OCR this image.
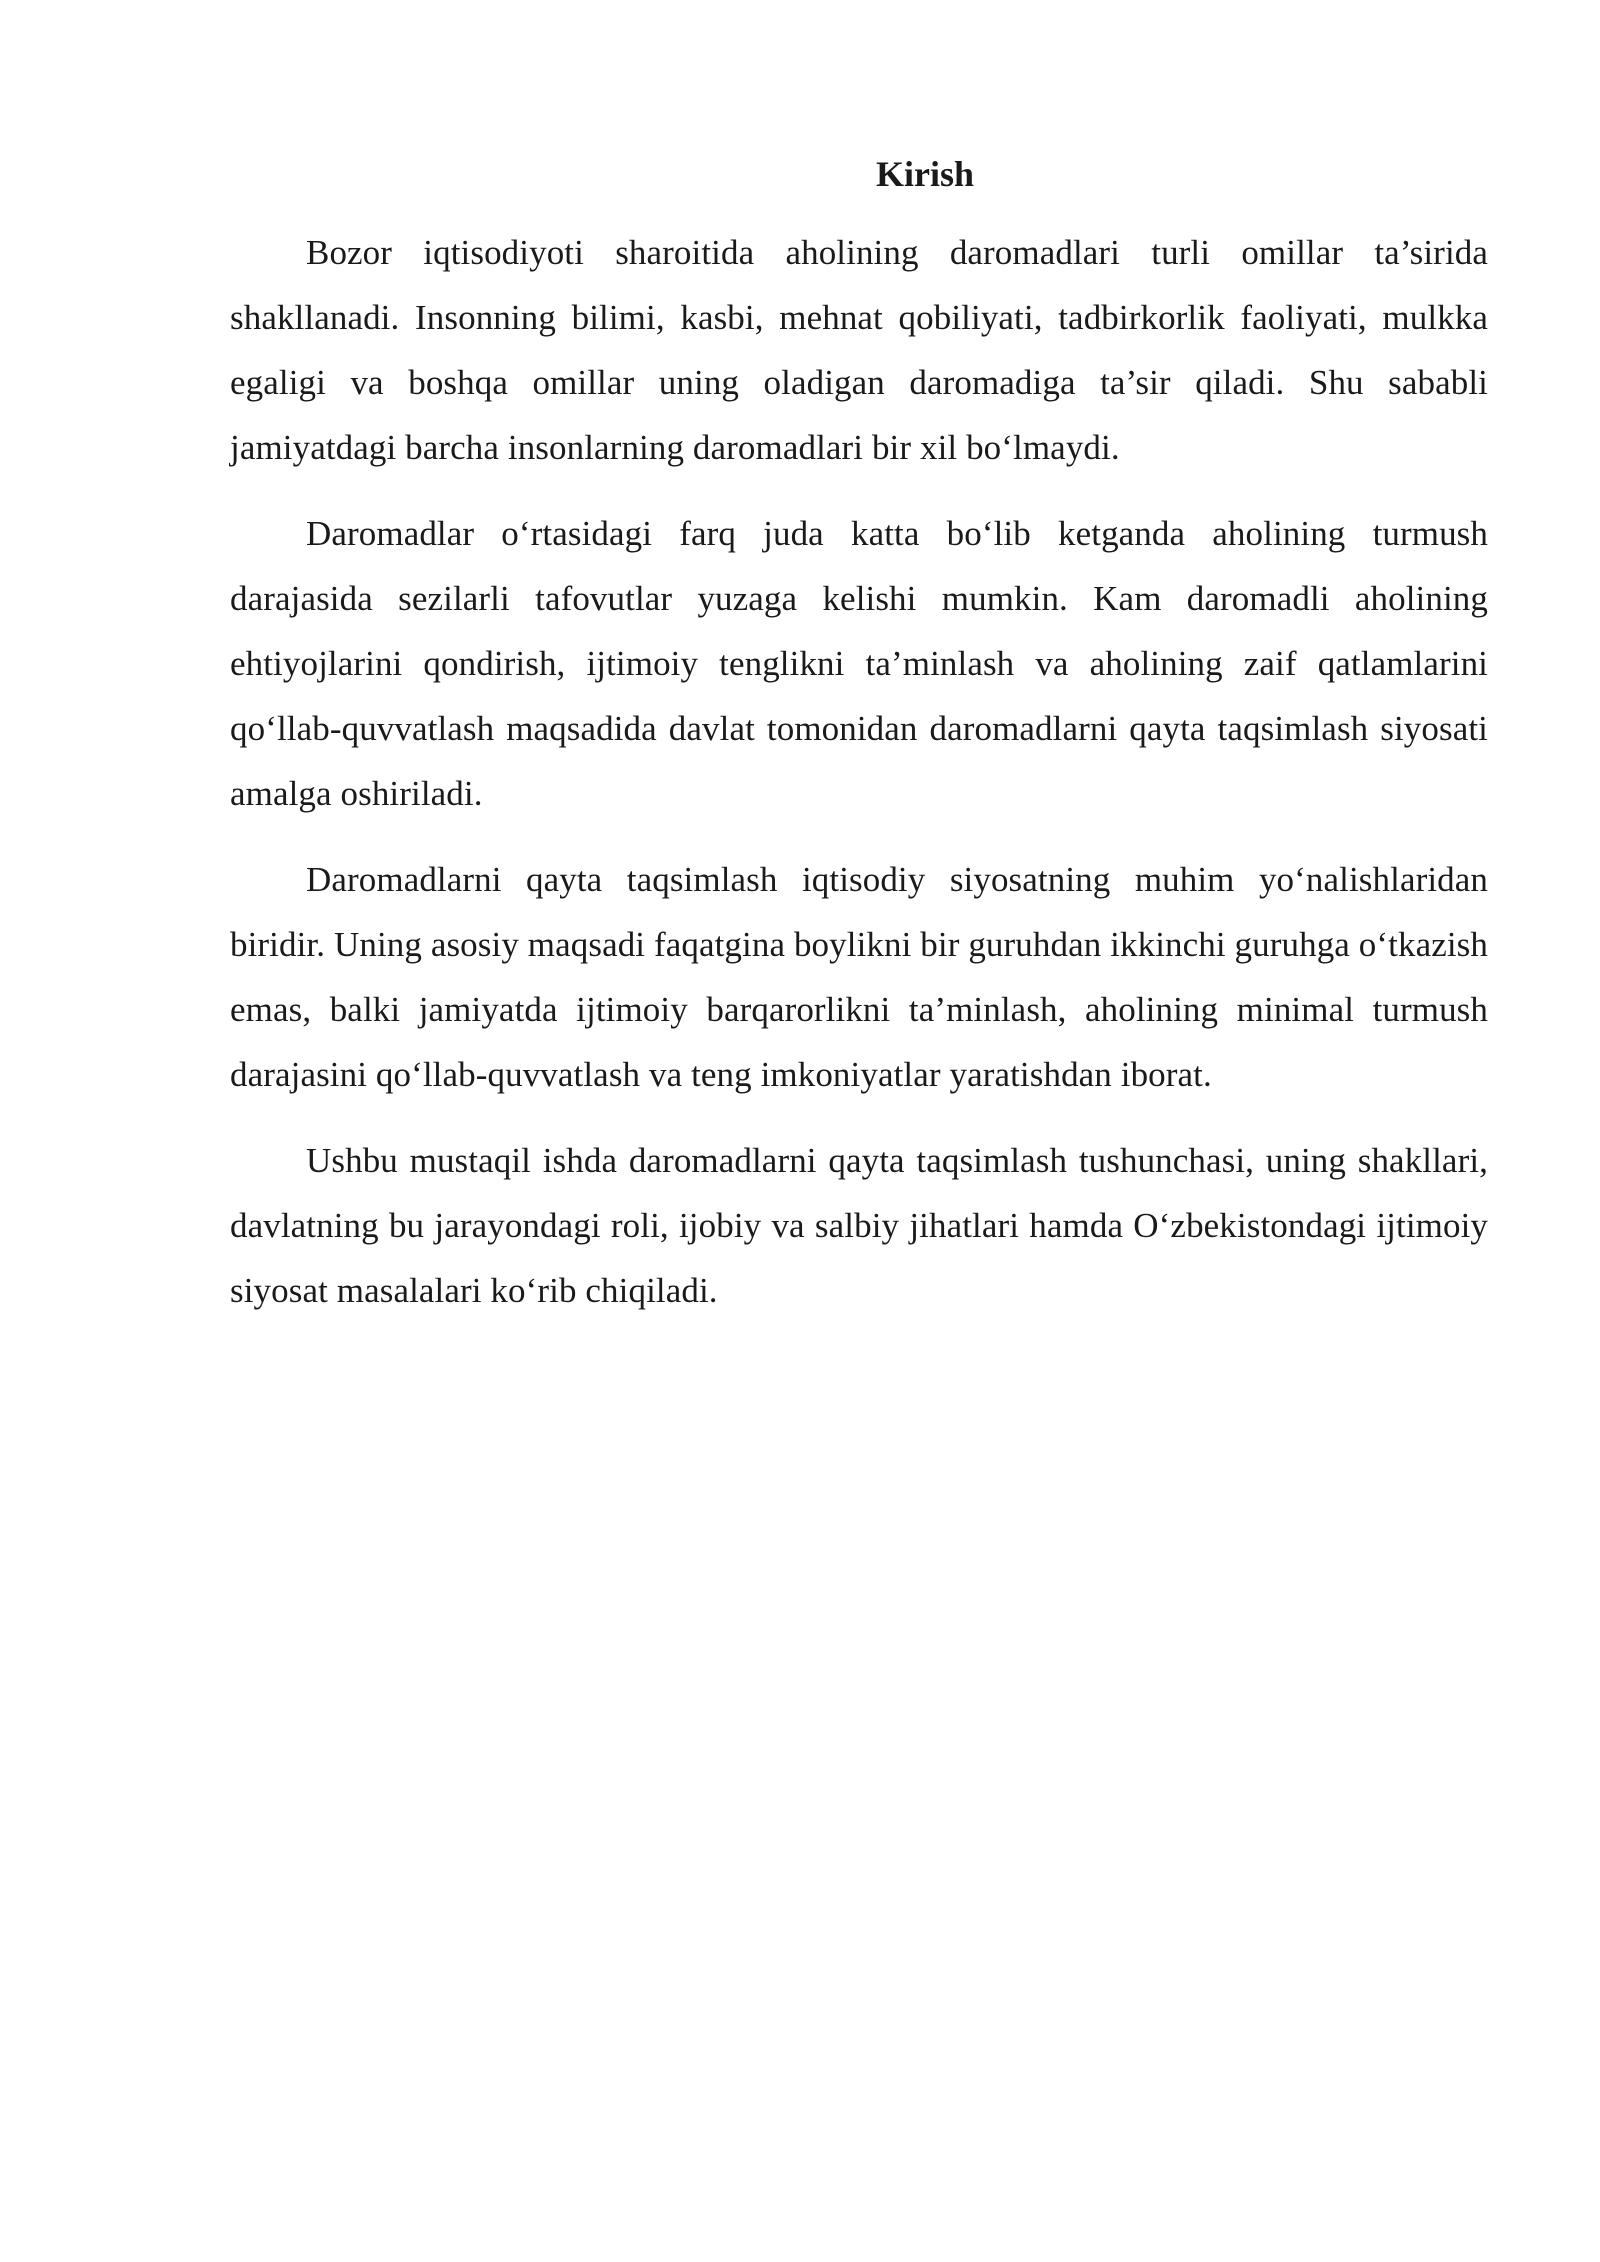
Kirish

Bozor iqtisodiyoti sharoitida aholining daromadlari turli omillar ta’sirida shakllanadi. Insonning bilimi, kasbi, mehnat qobiliyati, tadbirkorlik faoliyati, mulkka egaligi va boshqa omillar uning oladigan daromadiga ta’sir qiladi. Shu sababli jamiyatdagi barcha insonlarning daromadlari bir xil bo‘lmaydi.

Daromadlar o‘rtasidagi farq juda katta bo‘lib ketganda aholining turmush darajasida sezilarli tafovutlar yuzaga kelishi mumkin. Kam daromadli aholining ehtiyojlarini qondirish, ijtimoiy tenglikni ta’minlash va aholining zaif qatlamlarini qo‘llab-quvvatlash maqsadida davlat tomonidan daromadlarni qayta taqsimlash siyosati amalga oshiriladi.

Daromadlarni qayta taqsimlash iqtisodiy siyosatning muhim yo‘nalishlaridan biridir. Uning asosiy maqsadi faqatgina boylikni bir guruhdan ikkinchi guruhga o‘tkazish emas, balki jamiyatda ijtimoiy barqarorlikni ta’minlash, aholining minimal turmush darajasini qo‘llab-quvvatlash va teng imkoniyatlar yaratishdan iborat.

Ushbu mustaqil ishda daromadlarni qayta taqsimlash tushunchasi, uning shakllari, davlatning bu jarayondagi roli, ijobiy va salbiy jihatlari hamda O‘zbekistondagi ijtimoiy siyosat masalalari ko‘rib chiqiladi.
